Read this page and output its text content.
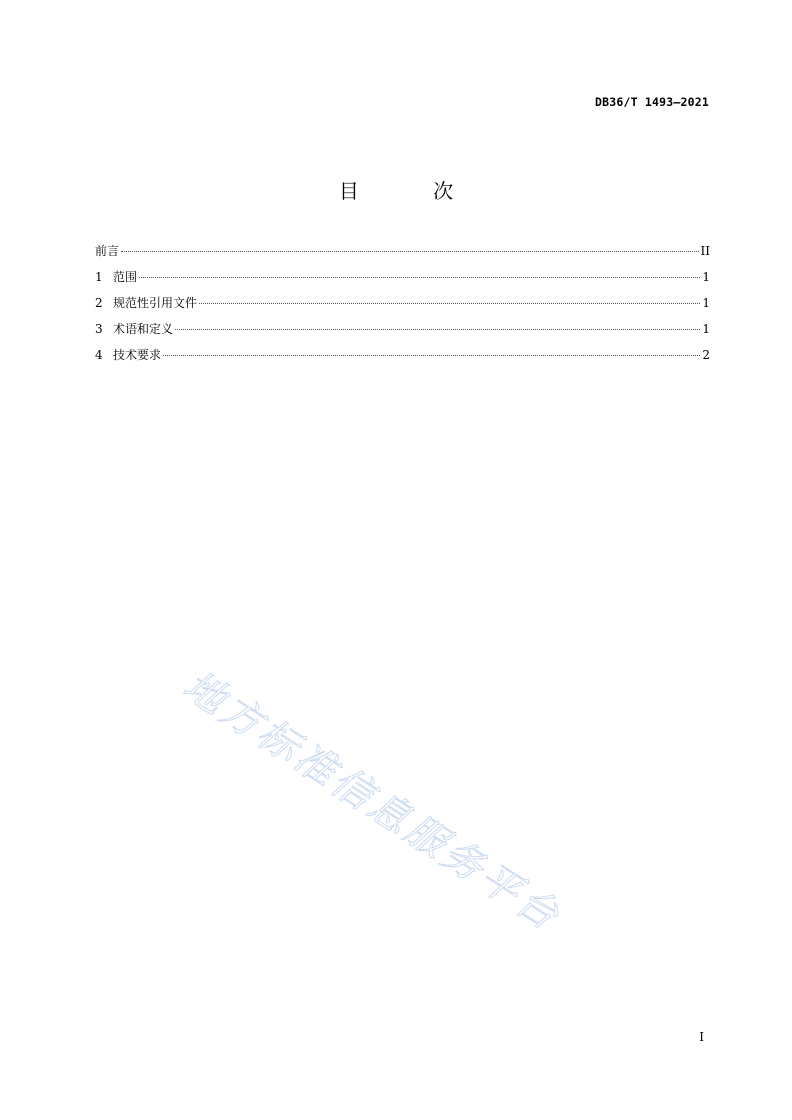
DB36/T 1493—2021
目 次
前言	II
1 范围	1
2 规范性引用文件	1
3 术语和定义	1
4 技术要求	2
地方标准信息服务平台
I
